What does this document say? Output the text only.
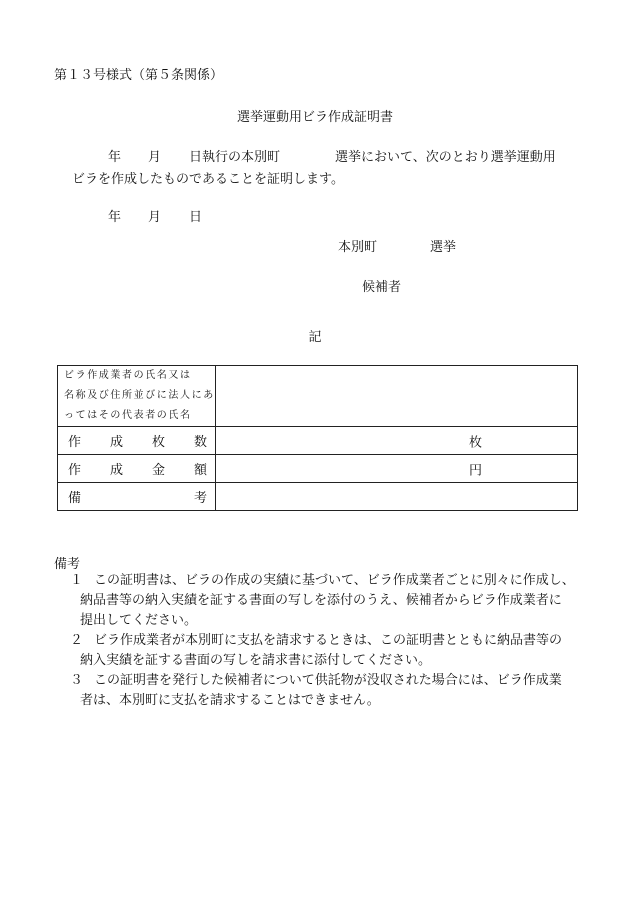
第１３号様式（第５条関係）
選挙運動用ビラ作成証明書
年 月 日執行の本別町	選挙において、次のとおり選挙運動用
ビラを作成したものであることを証明します。
年 月 日
本別町	選挙
候補者
記
ビラ作成業者の氏名又は
名称及び住所並びに法人にあ
ってはその代表者の氏名	

作 成 枚 数	枚

作 成 金 額	円

備 考	

備考
１ この証明書は、ビラの作成の実績に基づいて、ビラ作成業者ごとに別々に作成し、
納品書等の納入実績を証する書面の写しを添付のうえ、候補者からビラ作成業者に
提出してください。
２ ビラ作成業者が本別町に支払を請求するときは、この証明書とともに納品書等の
納入実績を証する書面の写しを請求書に添付してください。
３ この証明書を発行した候補者について供託物が没収された場合には、ビラ作成業
者は、本別町に支払を請求することはできません。
